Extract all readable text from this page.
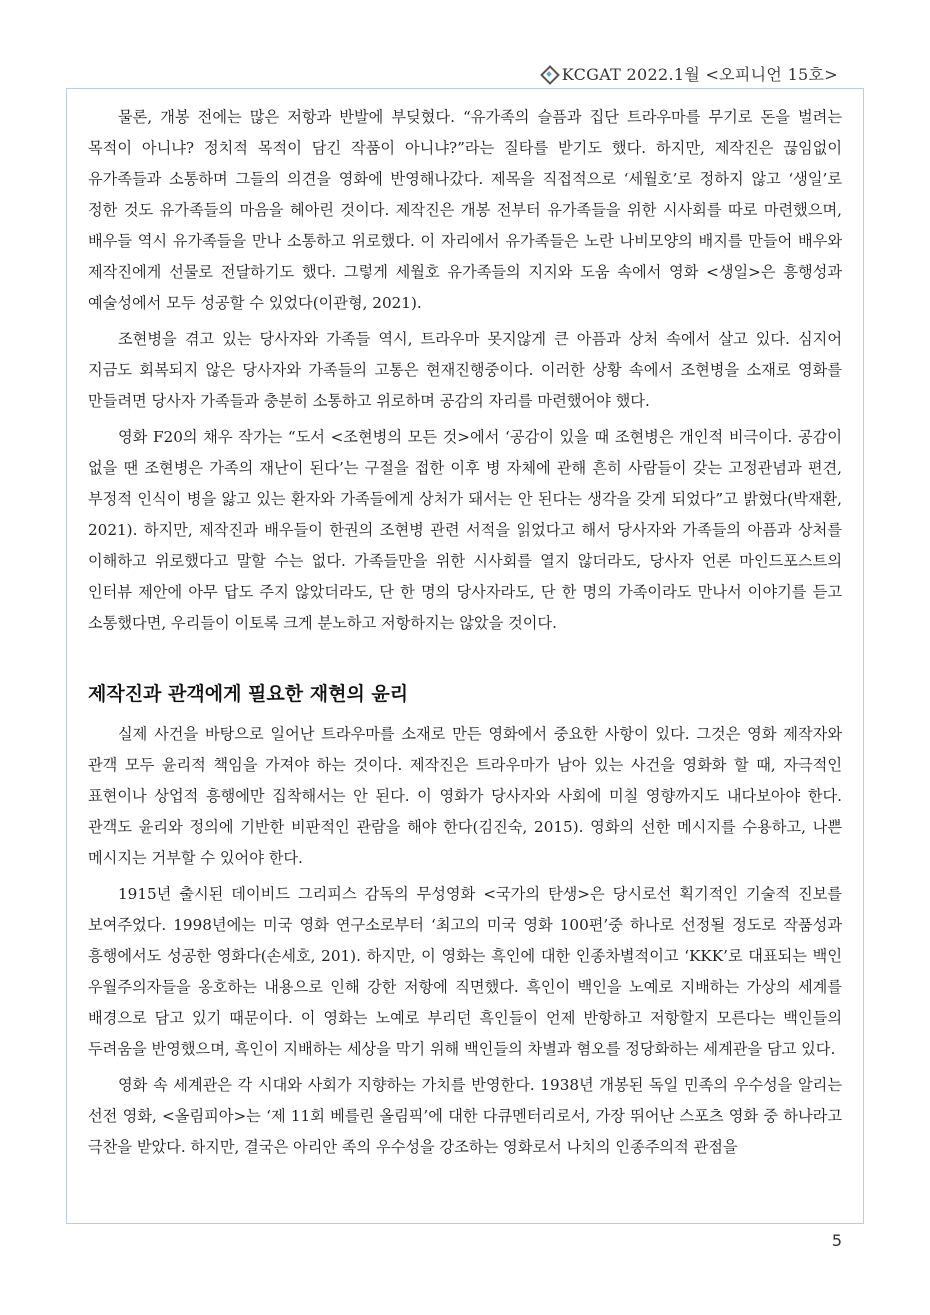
KCGAT 2022.1월 <오피니언 15호>

물론, 개봉 전에는 많은 저항과 반발에 부딪혔다. “유가족의 슬픔과 집단 트라우마를 무기로 돈을 벌려는 목적이 아니냐? 정치적 목적이 담긴 작품이 아니냐?”라는 질타를 받기도 했다. 하지만, 제작진은 끊임없이 유가족들과 소통하며 그들의 의견을 영화에 반영해나갔다. 제목을 직접적으로 ‘세월호’로 정하지 않고 ‘생일’로 정한 것도 유가족들의 마음을 헤아린 것이다. 제작진은 개봉 전부터 유가족들을 위한 시사회를 따로 마련했으며, 배우들 역시 유가족들을 만나 소통하고 위로했다. 이 자리에서 유가족들은 노란 나비모양의 배지를 만들어 배우와 제작진에게 선물로 전달하기도 했다. 그렇게 세월호 유가족들의 지지와 도움 속에서 영화 <생일>은 흥행성과 예술성에서 모두 성공할 수 있었다(이관형, 2021).

조현병을 겪고 있는 당사자와 가족들 역시, 트라우마 못지않게 큰 아픔과 상처 속에서 살고 있다. 심지어 지금도 회복되지 않은 당사자와 가족들의 고통은 현재진행중이다. 이러한 상황 속에서 조현병을 소재로 영화를 만들려면 당사자 가족들과 충분히 소통하고 위로하며 공감의 자리를 마련했어야 했다.

영화 F20의 채우 작가는 “도서 <조현병의 모든 것>에서 ‘공감이 있을 때 조현병은 개인적 비극이다. 공감이 없을 땐 조현병은 가족의 재난이 된다’는 구절을 접한 이후 병 자체에 관해 흔히 사람들이 갖는 고정관념과 편견, 부정적 인식이 병을 앓고 있는 환자와 가족들에게 상처가 돼서는 안 된다는 생각을 갖게 되었다”고 밝혔다(박재환, 2021). 하지만, 제작진과 배우들이 한권의 조현병 관련 서적을 읽었다고 해서 당사자와 가족들의 아픔과 상처를 이해하고 위로했다고 말할 수는 없다. 가족들만을 위한 시사회를 열지 않더라도, 당사자 언론 마인드포스트의 인터뷰 제안에 아무 답도 주지 않았더라도, 단 한 명의 당사자라도, 단 한 명의 가족이라도 만나서 이야기를 듣고 소통했다면, 우리들이 이토록 크게 분노하고 저항하지는 않았을 것이다.

제작진과 관객에게 필요한 재현의 윤리

실제 사건을 바탕으로 일어난 트라우마를 소재로 만든 영화에서 중요한 사항이 있다. 그것은 영화 제작자와 관객 모두 윤리적 책임을 가져야 하는 것이다. 제작진은 트라우마가 남아 있는 사건을 영화화 할 때, 자극적인 표현이나 상업적 흥행에만 집착해서는 안 된다. 이 영화가 당사자와 사회에 미칠 영향까지도 내다보아야 한다. 관객도 윤리와 정의에 기반한 비판적인 관람을 해야 한다(김진숙, 2015). 영화의 선한 메시지를 수용하고, 나쁜 메시지는 거부할 수 있어야 한다.

1915년 출시된 데이비드 그리피스 감독의 무성영화 <국가의 탄생>은 당시로선 획기적인 기술적 진보를 보여주었다. 1998년에는 미국 영화 연구소로부터 ‘최고의 미국 영화 100편’중 하나로 선정될 정도로 작품성과 흥행에서도 성공한 영화다(손세호, 201). 하지만, 이 영화는 흑인에 대한 인종차별적이고 ‘KKK’로 대표되는 백인 우월주의자들을 옹호하는 내용으로 인해 강한 저항에 직면했다. 흑인이 백인을 노예로 지배하는 가상의 세계를 배경으로 담고 있기 때문이다. 이 영화는 노예로 부리던 흑인들이 언제 반항하고 저항할지 모른다는 백인들의 두려움을 반영했으며, 흑인이 지배하는 세상을 막기 위해 백인들의 차별과 혐오를 정당화하는 세계관을 담고 있다.

영화 속 세계관은 각 시대와 사회가 지향하는 가치를 반영한다. 1938년 개봉된 독일 민족의 우수성을 알리는 선전 영화, <올림피아>는 ‘제 11회 베를린 올림픽’에 대한 다큐멘터리로서, 가장 뛰어난 스포츠 영화 중 하나라고 극찬을 받았다. 하지만, 결국은 아리안 족의 우수성을 강조하는 영화로서 나치의 인종주의적 관점을

5
